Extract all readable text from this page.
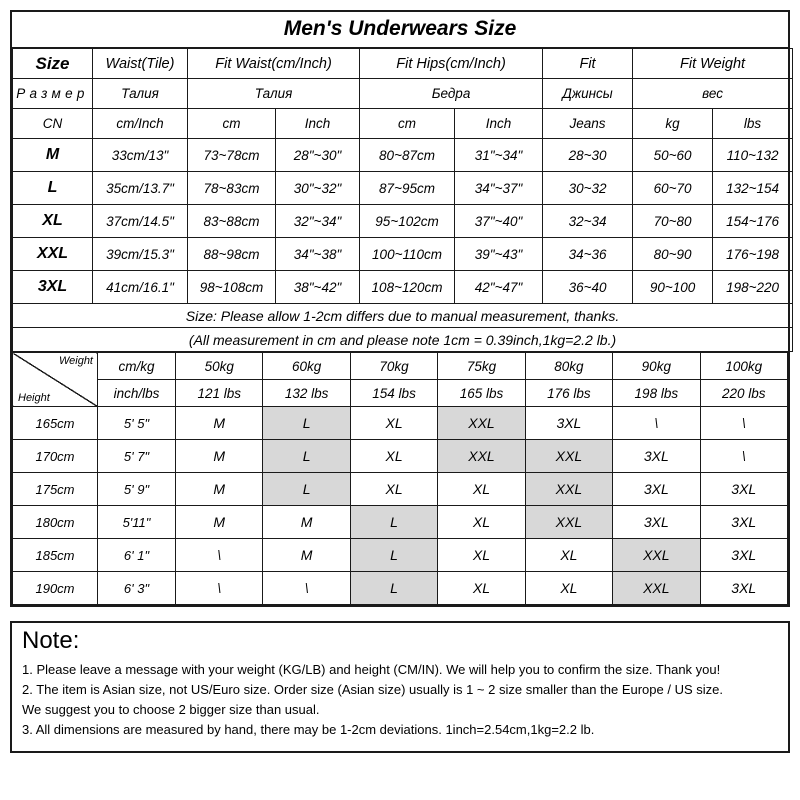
Men's Underwears Size
Size	Waist(Tile)	Fit Waist(cm/Inch)		Fit Hips(cm/Inch)		Fit	Fit Weight	
Размер	Талия	Талия		Бедра		Джинсы	вес	
CN	cm/Inch	cm	Inch	cm	Inch	Jeans	kg	lbs
M	33cm/13"	73~78cm	28"~30"	80~87cm	31"~34"	28~30	50~60	110~132
L	35cm/13.7"	78~83cm	30"~32"	87~95cm	34"~37"	30~32	60~70	132~154
XL	37cm/14.5"	83~88cm	32"~34"	95~102cm	37"~40"	32~34	70~80	154~176
XXL	39cm/15.3"	88~98cm	34"~38"	100~110cm	39"~43"	34~36	80~90	176~198
3XL	41cm/16.1"	98~108cm	38"~42"	108~120cm	42"~47"	36~40	90~100	198~220
Size: Please allow 1-2cm differs due to manual measurement, thanks.								
(All measurement in cm and please note 1cm = 0.39inch,1kg=2.2 lb.)								
Weight
Height	cm/kg	50kg	60kg	70kg	75kg	80kg	90kg	100kg
	inch/lbs	121 lbs	132 lbs	154 lbs	165 lbs	176 lbs	198 lbs	220 lbs
165cm	5' 5"	M	L	XL	XXL	3XL	\	\
170cm	5' 7"	M	L	XL	XXL	XXL	3XL	\
175cm	5' 9"	M	L	XL	XL	XXL	3XL	3XL
180cm	5'11"	M	M	L	XL	XXL	3XL	3XL
185cm	6' 1"	\	M	L	XL	XL	XXL	3XL
190cm	6' 3"	\	\	L	XL	XL	XXL	3XL

Note:

1. Please leave a message with your weight (KG/LB) and height (CM/IN). We will help you to confirm the size. Thank you!

2. The item is Asian size, not US/Euro size. Order size (Asian size) usually is 1 ~ 2 size smaller than the Europe / US size.

We suggest you to choose 2 bigger size than usual.

3. All dimensions are measured by hand, there may be 1-2cm deviations. 1inch=2.54cm,1kg=2.2 lb.
